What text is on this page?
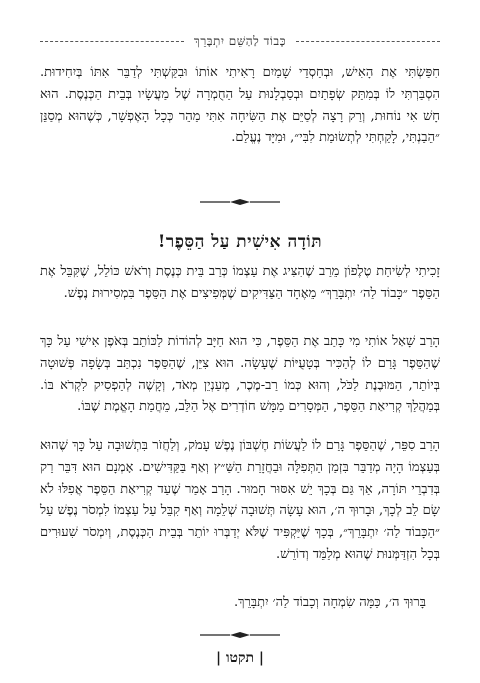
כָּבוֹד לַהַשֵּׁם יִתְבָּרֵךְ

חִפַּשְׂתִּי אֶת הָאִישׁ, וּבְחַסְדֵי שָׁמַיִם רָאִיתִי אוֹתוֹ וּבִקַּשְׁתִּי לְדַבֵּר אִתּוֹ בְּיִחִידוּת. הִסְבַּרְתִּי לוֹ בְּמִתַּק שְׂפָתַיִם וּבְסַבְלָנוּת עַל הַחֻמְרָה שֶׁל מַעֲשָׂיו בְּבֵית הַכְּנֶסֶת. הוּא חָשׁ אִי נוֹחוּת, וְרַק רָצָה לְסַיֵּם אֶת הַשִּׂיחָה אִתִּי מַהֵר כְּכָל הָאֶפְשָׁר, כְּשֶׁהוּא מְסַנֵּן ״הֵבַנְתִּי, לָקַחְתִּי לְתְשׂוּמַת לִבִּי״, וּמִיָּד נֶעֱלַם.

תּוֹדָה אִישִׁית עַל הַסֵּפֶר!

זָכִיתִי לְשִׂיחַת טֶלֶפוֹן מֵרַב שֶׁהִצִּיג אֶת עַצְמוֹ כְּרַב בֵּית כְּנֶסֶת וְרֹאשׁ כּוֹלֵל, שֶׁקִּבֵּל אֶת הַסֵּפֶר ״כָּבוֹד לַה׳ יִתְבָּרֵךְ״ מֵאֶחָד הַצַּדִּיקִים שֶׁמְּפִיצִים אֶת הַסֵּפֶר בִּמְסִירוּת נֶפֶשׁ.

הָרַב שָׁאַל אוֹתִי מִי כָּתַב אֶת הַסֵּפֶר, כִּי הוּא חַיָּב לְהוֹדוֹת לַכּוֹתֵב בְּאֹפֶן אִישִׁי עַל כָּךְ שֶׁהַסֵּפֶר גָּרַם לוֹ לְהַכִּיר בְּטָעֻיּוֹת שֶׁעָשָׂה. הוּא צִיֵּן, שֶׁהַסֵּפֶר נִכְתַּב בְּשָׂפָה פְּשׁוּטָה בְּיוֹתֵר, הַמּוּבֶנֶת לַכֹּל, וְהוּא כְּמוֹ רַב-מֶכֶר, מְעַנְיֵן מְאֹד, וְקָשֶׁה לְהַפְסִיק לִקְרֹא בּוֹ. בְּמַהֲלַךְ קְרִיאַת הַסֵּפֶר, הַמְּסָרִים מַמָּשׁ חוֹדְרִים אֶל הַלֵּב, מֵחֲמַת הָאֱמֶת שֶׁבּוֹ.

הָרַב סִפֵּר, שֶׁהַסֵּפֶר גָּרַם לוֹ לַעֲשׂוֹת חֶשְׁבּוֹן נֶפֶשׁ עָמֹק, וְלַחֲזֹר בִּתְשׁוּבָה עַל כָּךְ שֶׁהוּא בְּעַצְמוֹ הָיָה מְדַבֵּר בִּזְמַן הַתְּפִלָּה וּבַחֲזָרַת הַשַּׁ״ץ וְאַף בַּקַּדִּישִׁים. אָמְנָם הוּא דִּבֵּר רַק בְּדִבְרֵי תּוֹרָה, אַךְ גַּם בְּכָךְ יֵשׁ אִסּוּר חָמוּר. הָרַב אָמַר שֶׁעַד קְרִיאַת הַסֵּפֶר אֲפִלּוּ לֹא שָׂם לֵב לְכָךְ, וּבָרוּךְ ה׳, הוּא עָשָׂה תְּשׁוּבָה שְׁלֵמָה וְאַף קִבֵּל עַל עַצְמוֹ לִמְסֹר נֶפֶשׁ עַל ״הַכָּבוֹד לַה׳ יִתְבָּרֵךְ״, בְּכָךְ שֶׁיַּקְפִּיד שֶׁלֹּא יְדַבְּרוּ יוֹתֵר בְּבֵית הַכְּנֶסֶת, וְיִמְסֹר שִׁעוּרִים בְּכָל הִזְדַּמְּנוּת שֶׁהוּא מְלַמֵּד וְדוֹרֵשׁ.

בָּרוּךְ ה׳, כַּמָּה שִׂמְחָה וְכָבוֹד לַה׳ יִתְבָּרֵךְ.

| תקטו |
